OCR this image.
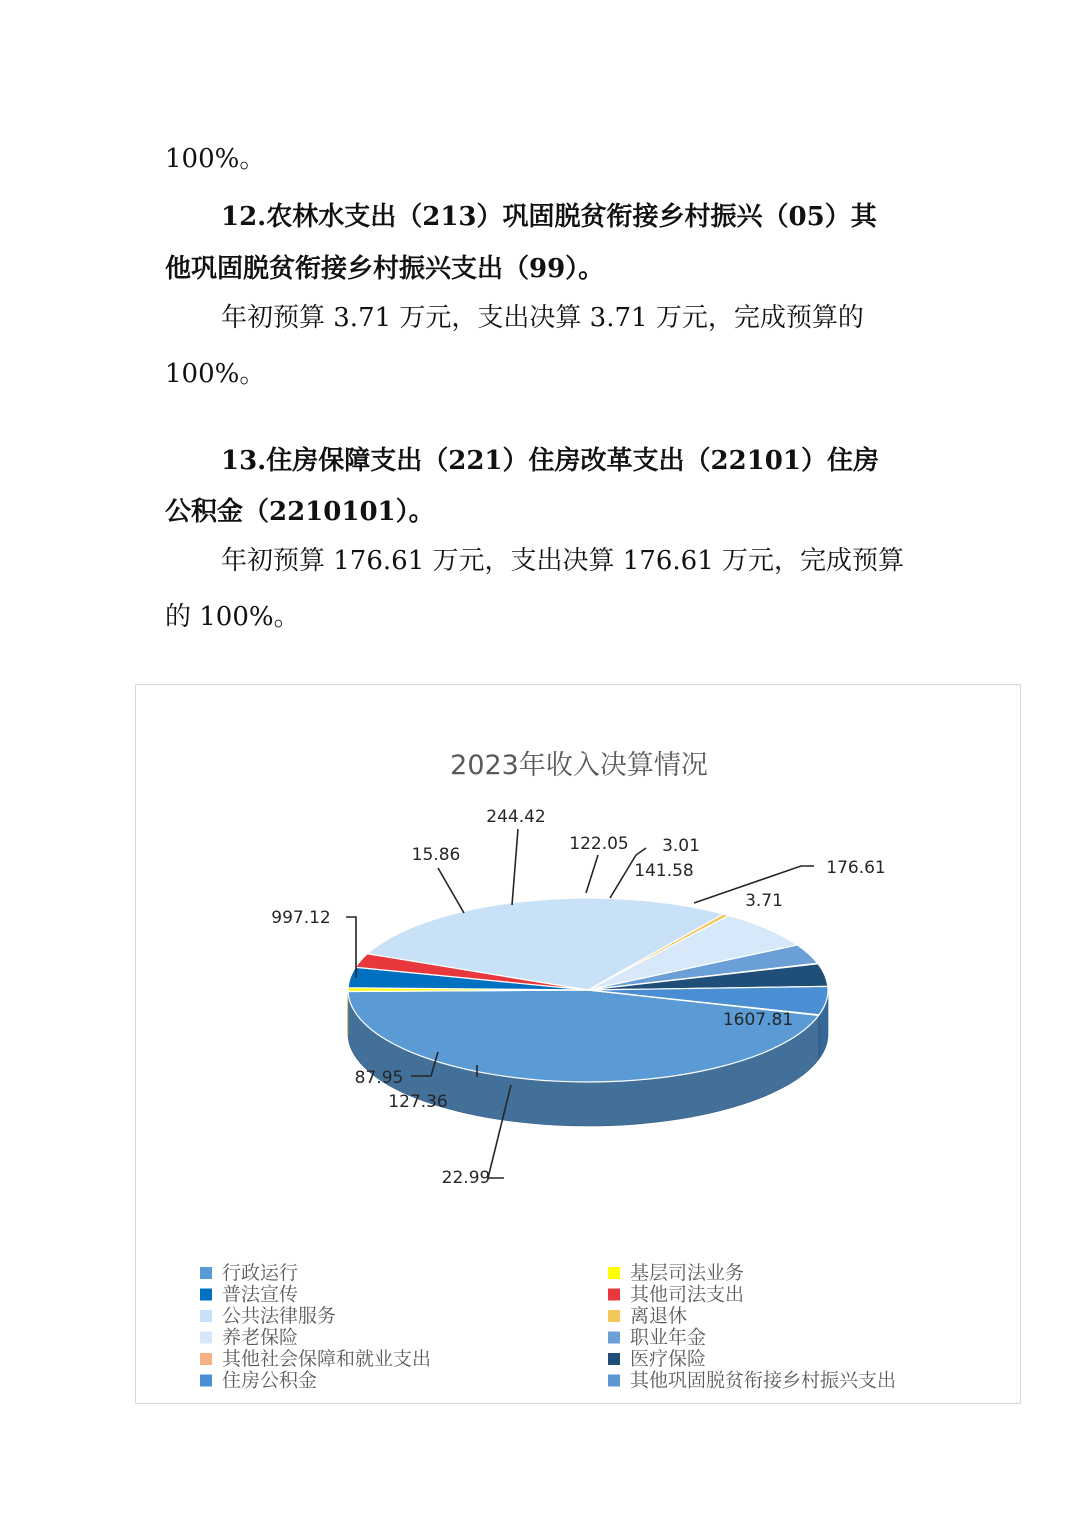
100%。
12.农林水支出（213）巩固脱贫衔接乡村振兴（05）其
他巩固脱贫衔接乡村振兴支出（99）。
年初预算 3.71 万元，支出决算 3.71 万元，完成预算的
100%。
13.住房保障支出（221）住房改革支出（22101）住房
公积金（2210101）。
年初预算 176.61 万元，支出决算 176.61 万元，完成预算
的 100%。
2023年收入决算情况
1607.81
22.99
127.36
87.95
997.12
15.86
244.42
122.05 3.01
141.58	176.61
3.71
行政运行	基层司法业务
普法宣传	其他司法支出
公共法律服务	离退休
养老保险	职业年金
其他社会保障和就业支出	医疗保险
住房公积金	其他巩固脱贫衔接乡村振兴支出
